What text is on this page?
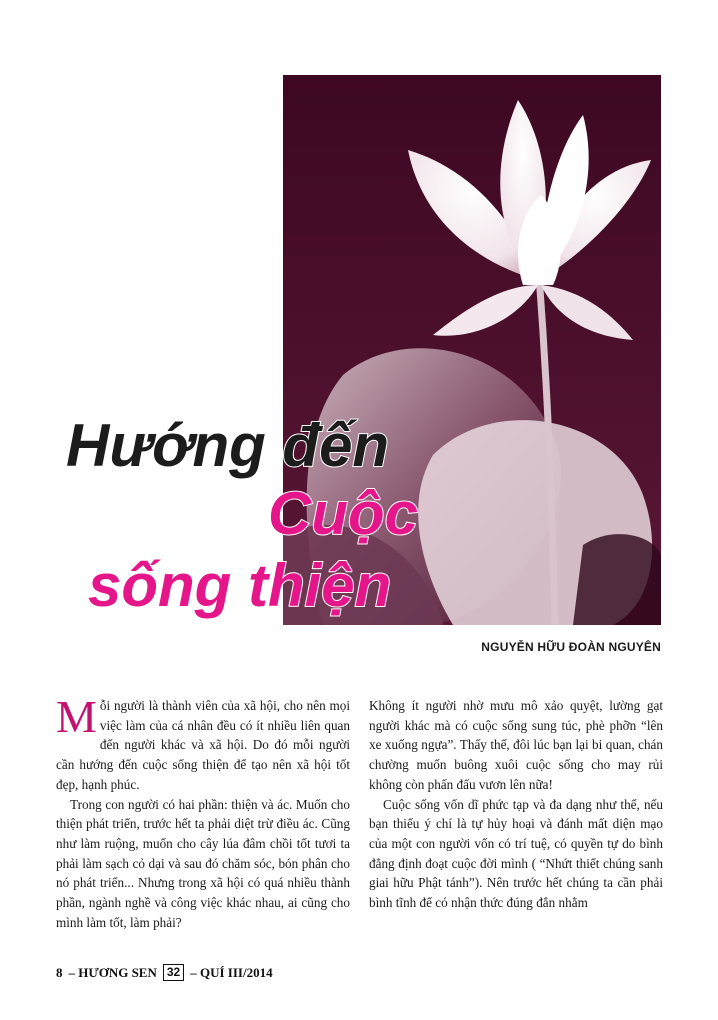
Hướng đến
Cuộc
sống thiện
NGUYỄN HỮU ĐOÀN NGUYÊN

Mỗi người là thành viên của xã hội, cho nên mọi việc làm của cá nhân đều có ít nhiều liên quan đến người khác và xã hội. Do đó mỗi người cần hướng đến cuộc sống thiện để tạo nên xã hội tốt đẹp, hạnh phúc.

Trong con người có hai phần: thiện và ác. Muốn cho thiện phát triển, trước hết ta phải diệt trừ điều ác. Cũng như làm ruộng, muốn cho cây lúa đâm chồi tốt tươi ta phải làm sạch cỏ dại và sau đó chăm sóc, bón phân cho nó phát triển... Nhưng trong xã hội có quá nhiều thành phần, ngành nghề và công việc khác nhau, ai cũng cho mình làm tốt, làm phải?

Không ít người nhờ mưu mô xảo quyệt, lường gạt người khác mà có cuộc sống sung túc, phè phỡn “lên xe xuống ngựa”. Thấy thế, đôi lúc bạn lại bi quan, chán chường muốn buông xuôi cuộc sống cho may rủi không còn phấn đấu vươn lên nữa!

Cuộc sống vốn dĩ phức tạp và đa dạng như thế, nếu bạn thiếu ý chí là tự hủy hoại và đánh mất diện mạo của một con người vốn có trí tuệ, có quyền tự do bình đẳng định đoạt cuộc đời mình ( “Nhứt thiết chúng sanh giai hữu Phật tánh”). Nên trước hết chúng ta cần phải bình tĩnh để có nhận thức đúng đắn nhằm

8 – HƯƠNG SEN 32 – QUÍ III/2014
